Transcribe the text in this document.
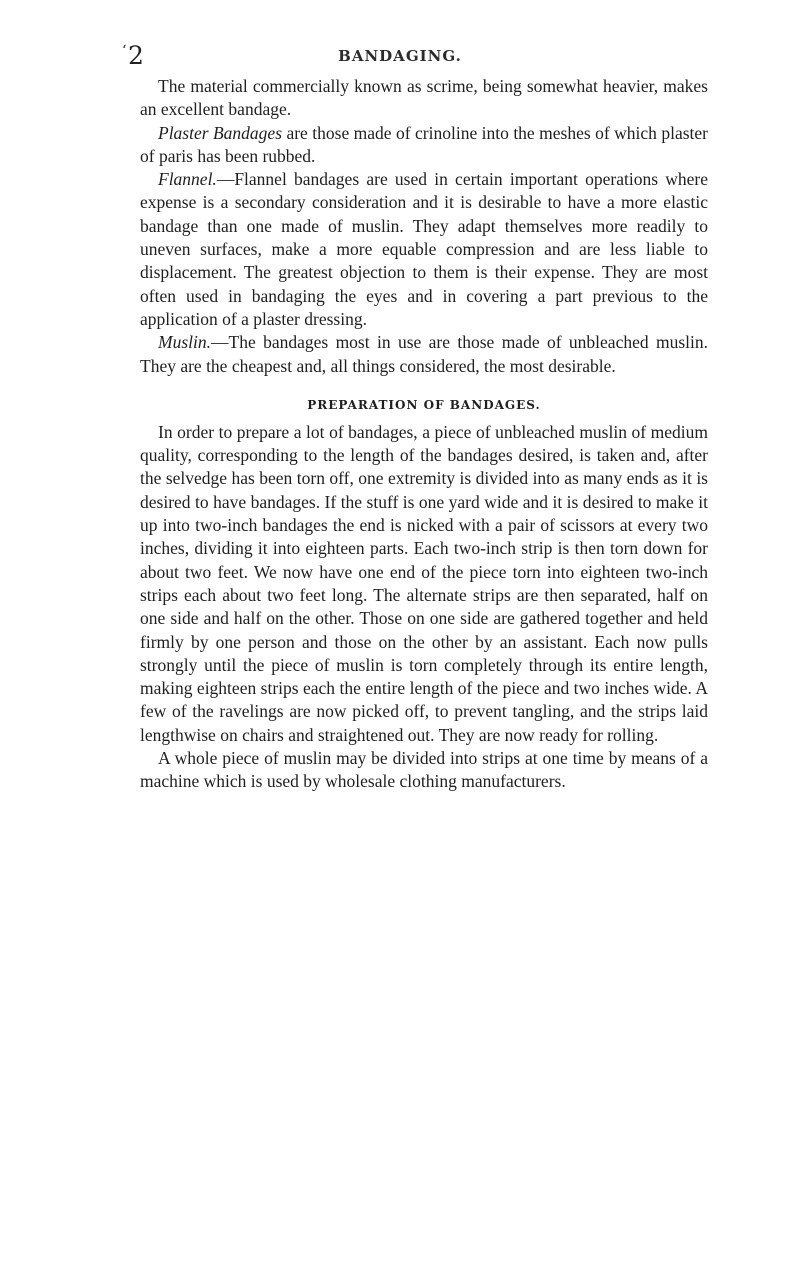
‘ 2	BANDAGING.

The material commercially known as scrime, being somewhat heavier, makes an excellent bandage.

Plaster Bandages are those made of crinoline into the meshes of which plaster of paris has been rubbed.

Flannel.—Flannel bandages are used in certain important operations where expense is a secondary consideration and it is desirable to have a more elastic bandage than one made of muslin. They adapt themselves more readily to uneven surfaces, make a more equable compression and are less liable to displacement. The greatest objection to them is their expense. They are most often used in bandaging the eyes and in covering a part previous to the application of a plaster dressing.

Muslin.—The bandages most in use are those made of unbleached muslin. They are the cheapest and, all things considered, the most desirable.

PREPARATION OF BANDAGES.

In order to prepare a lot of bandages, a piece of unbleached muslin of medium quality, corresponding to the length of the bandages desired, is taken and, after the selvedge has been torn off, one extremity is divided into as many ends as it is desired to have bandages. If the stuff is one yard wide and it is desired to make it up into two-inch bandages the end is nicked with a pair of scissors at every two inches, dividing it into eighteen parts. Each two-inch strip is then torn down for about two feet. We now have one end of the piece torn into eighteen two-inch strips each about two feet long. The alternate strips are then separated, half on one side and half on the other. Those on one side are gathered together and held firmly by one person and those on the other by an assistant. Each now pulls strongly until the piece of muslin is torn completely through its entire length, making eighteen strips each the entire length of the piece and two inches wide. A few of the ravelings are now picked off, to prevent tangling, and the strips laid lengthwise on chairs and straightened out. They are now ready for rolling.

A whole piece of muslin may be divided into strips at one time by means of a machine which is used by wholesale clothing manufacturers.
